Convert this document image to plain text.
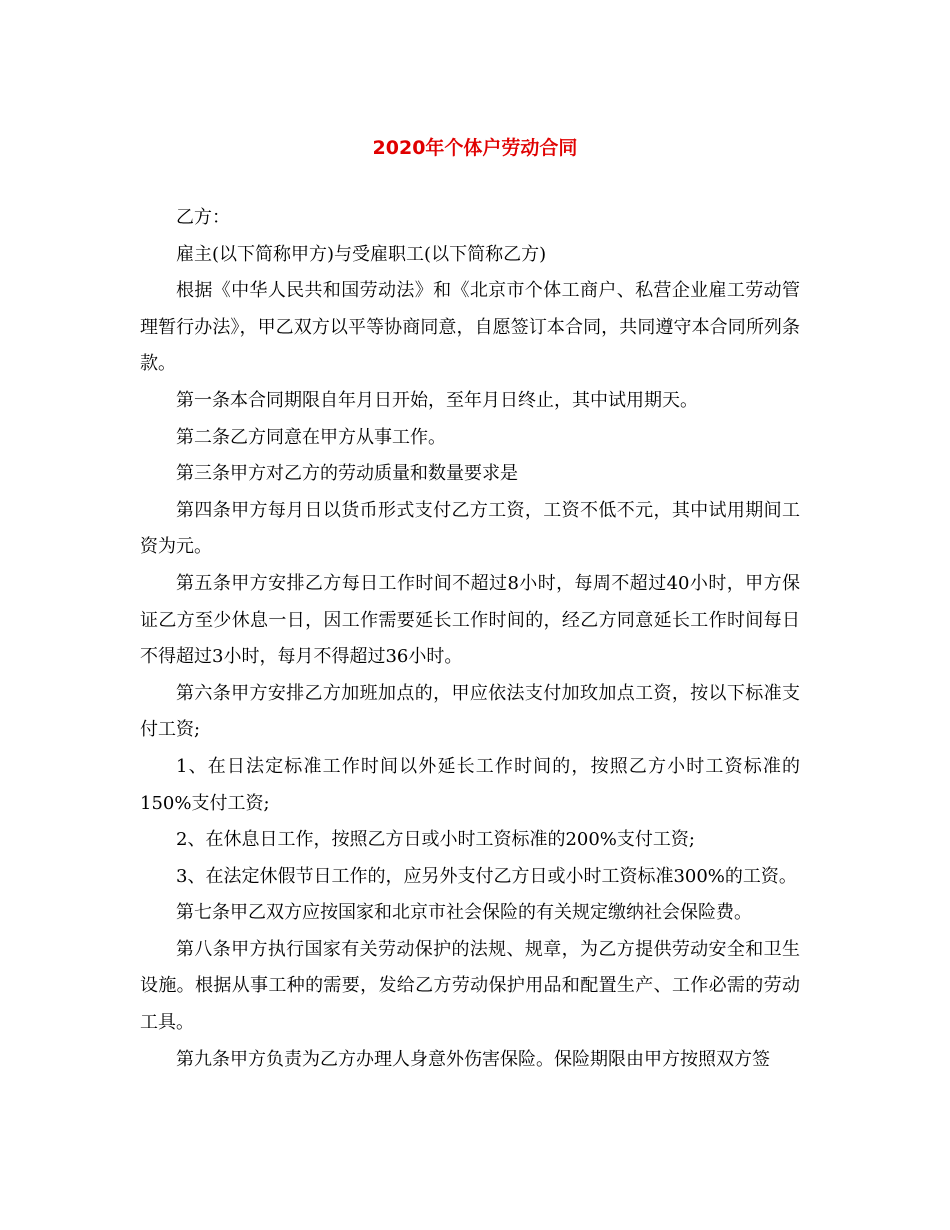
2020年个体户劳动合同

乙方：

雇主(以下简称甲方)与受雇职工(以下简称乙方)

根据《中华人民共和国劳动法》和《北京市个体工商户、私营企业雇工劳动管理暂行办法》，甲乙双方以平等协商同意，自愿签订本合同，共同遵守本合同所列条款。

第一条本合同期限自年月日开始，至年月日终止，其中试用期天。

第二条乙方同意在甲方从事工作。

第三条甲方对乙方的劳动质量和数量要求是

第四条甲方每月日以货币形式支付乙方工资，工资不低不元，其中试用期间工资为元。

第五条甲方安排乙方每日工作时间不超过8小时，每周不超过40小时，甲方保证乙方至少休息一日，因工作需要延长工作时间的，经乙方同意延长工作时间每日不得超过3小时，每月不得超过36小时。

第六条甲方安排乙方加班加点的，甲应依法支付加玫加点工资，按以下标准支付工资;

1、在日法定标准工作时间以外延长工作时间的，按照乙方小时工资标准的150%支付工资;

2、在休息日工作，按照乙方日或小时工资标准的200%支付工资;

3、在法定休假节日工作的，应另外支付乙方日或小时工资标准300%的工资。

第七条甲乙双方应按国家和北京市社会保险的有关规定缴纳社会保险费。

第八条甲方执行国家有关劳动保护的法规、规章，为乙方提供劳动安全和卫生设施。根据从事工种的需要，发给乙方劳动保护用品和配置生产、工作必需的劳动工具。

第九条甲方负责为乙方办理人身意外伤害保险。保险期限由甲方按照双方签
